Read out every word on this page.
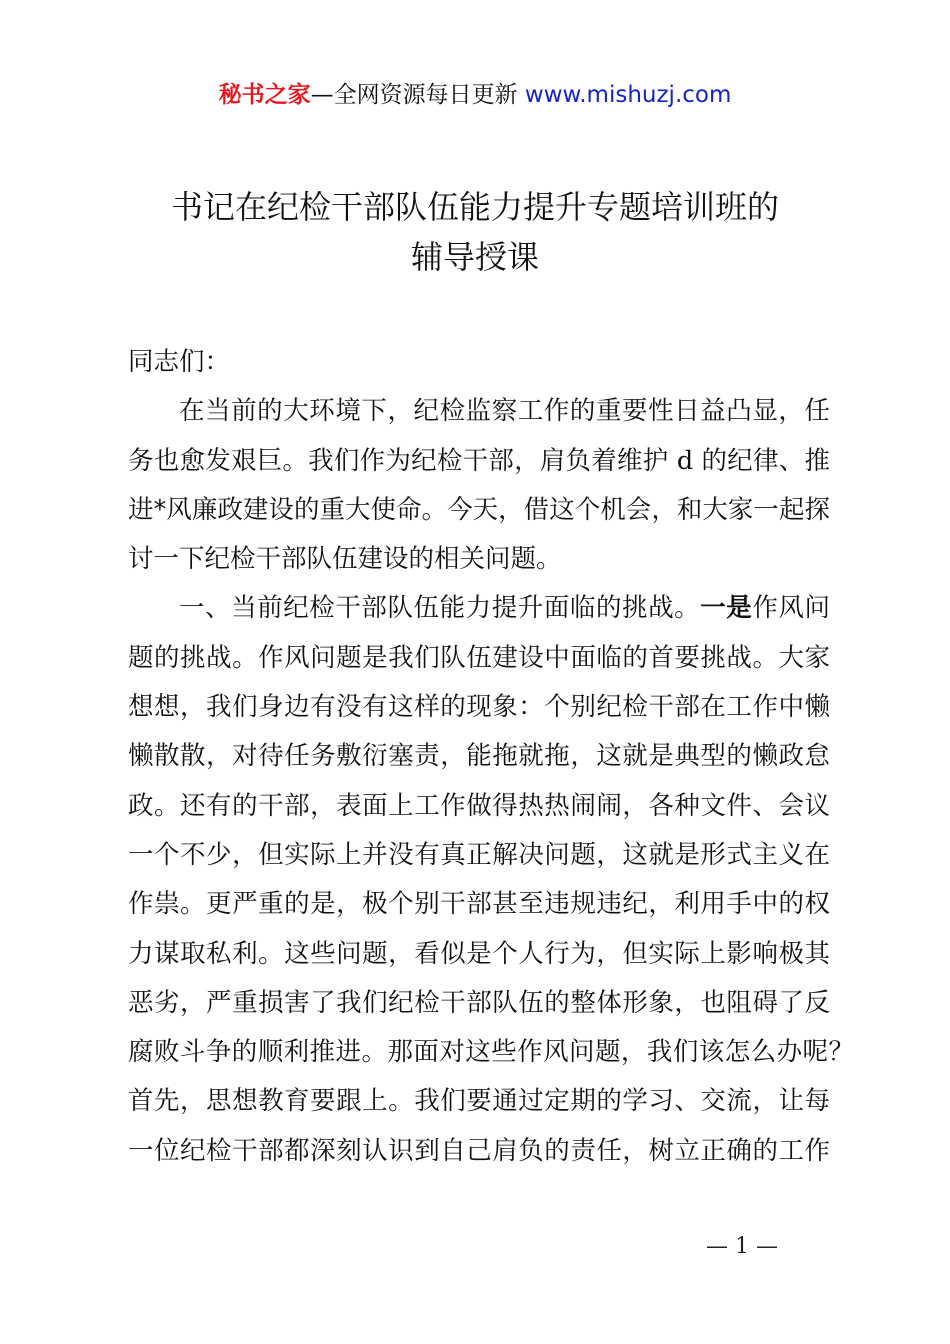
秘书之家—全网资源每日更新 www.mishuzj.com
书记在纪检干部队伍能力提升专题培训班的
辅导授课
同志们：
在当前的大环境下，纪检监察工作的重要性日益凸显，任
务也愈发艰巨。我们作为纪检干部，肩负着维护 d 的纪律、推
进*风廉政建设的重大使命。今天，借这个机会，和大家一起探
讨一下纪检干部队伍建设的相关问题。
一、当前纪检干部队伍能力提升面临的挑战。一是作风问
题的挑战。作风问题是我们队伍建设中面临的首要挑战。大家
想想，我们身边有没有这样的现象：个别纪检干部在工作中懒
懒散散，对待任务敷衍塞责，能拖就拖，这就是典型的懒政怠
政。还有的干部，表面上工作做得热热闹闹，各种文件、会议
一个不少，但实际上并没有真正解决问题，这就是形式主义在
作祟。更严重的是，极个别干部甚至违规违纪，利用手中的权
力谋取私利。这些问题，看似是个人行为，但实际上影响极其
恶劣，严重损害了我们纪检干部队伍的整体形象，也阻碍了反
腐败斗争的顺利推进。那面对这些作风问题，我们该怎么办呢？
首先，思想教育要跟上。我们要通过定期的学习、交流，让每
一位纪检干部都深刻认识到自己肩负的责任，树立正确的工作
— 1 —
